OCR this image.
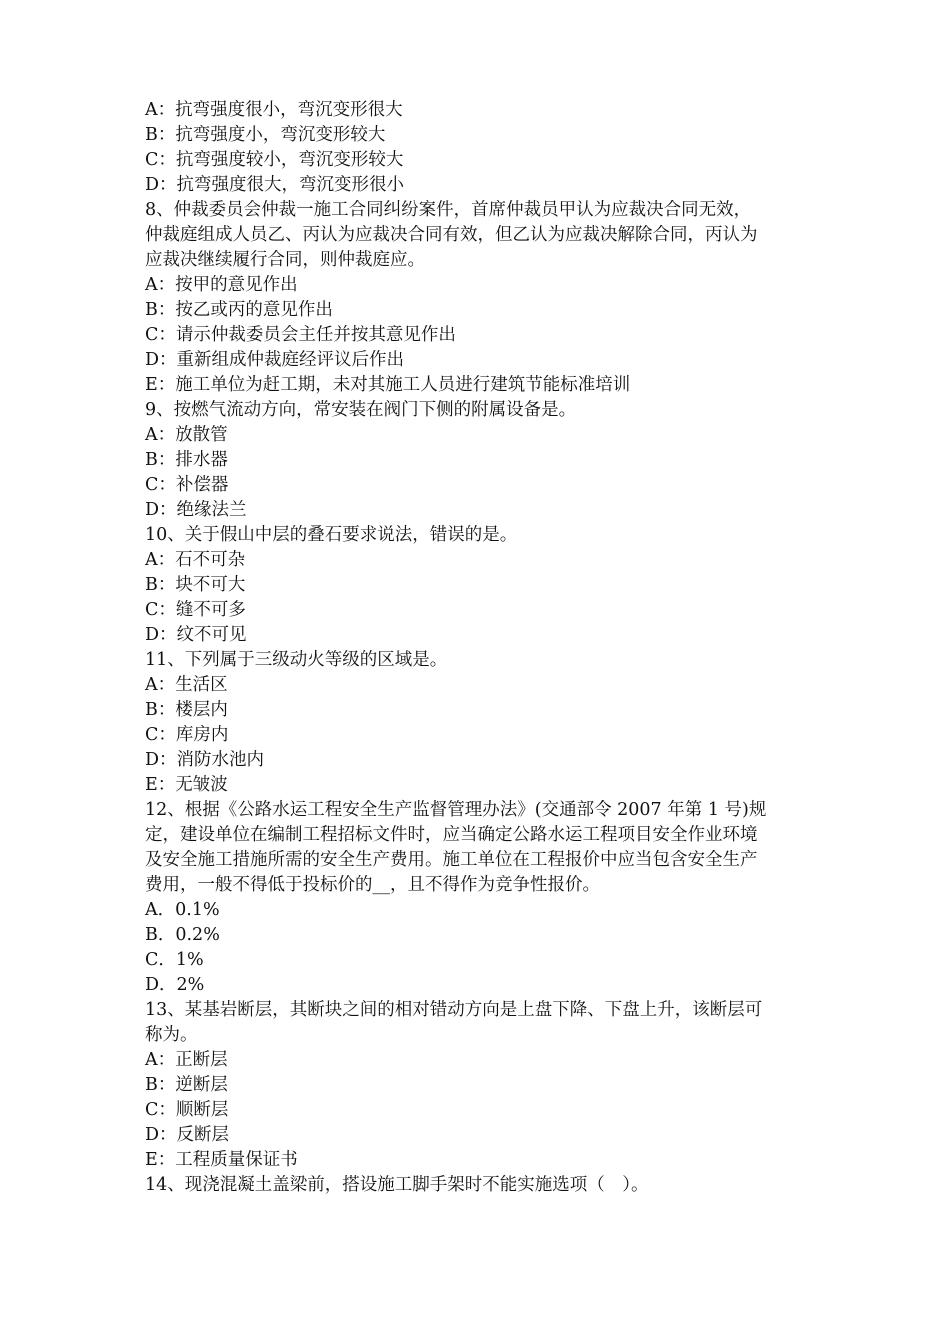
A：抗弯强度很小，弯沉变形很大
B：抗弯强度小，弯沉变形较大
C：抗弯强度较小，弯沉变形较大
D：抗弯强度很大，弯沉变形很小
8、仲裁委员会仲裁一施工合同纠纷案件，首席仲裁员甲认为应裁决合同无效，
仲裁庭组成人员乙、丙认为应裁决合同有效，但乙认为应裁决解除合同，丙认为
应裁决继续履行合同，则仲裁庭应。
A：按甲的意见作出
B：按乙或丙的意见作出
C：请示仲裁委员会主任并按其意见作出
D：重新组成仲裁庭经评议后作出
E：施工单位为赶工期，未对其施工人员进行建筑节能标准培训
9、按燃气流动方向，常安装在阀门下侧的附属设备是。
A：放散管
B：排水器
C：补偿器
D：绝缘法兰
10、关于假山中层的叠石要求说法，错误的是。
A：石不可杂
B：块不可大
C：缝不可多
D：纹不可见
11、下列属于三级动火等级的区域是。
A：生活区
B：楼层内
C：库房内
D：消防水池内
E：无皱波
12、根据《公路水运工程安全生产监督管理办法》(交通部令 2007 年第 1 号)规
定，建设单位在编制工程招标文件时，应当确定公路水运工程项目安全作业环境
及安全施工措施所需的安全生产费用。施工单位在工程报价中应当包含安全生产
费用，一般不得低于投标价的__，且不得作为竞争性报价。
A．0.1%
B．0.2%
C．1%
D．2%
13、某基岩断层，其断块之间的相对错动方向是上盘下降、下盘上升，该断层可
称为。
A：正断层
B：逆断层
C：顺断层
D：反断层
E：工程质量保证书
14、现浇混凝土盖梁前，搭设施工脚手架时不能实施选项（　）。
